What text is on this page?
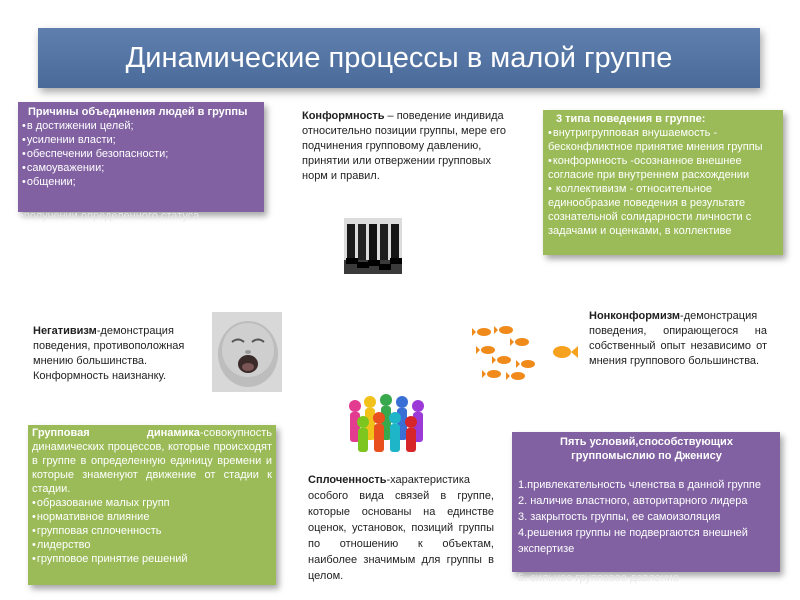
Динамические процессы в малой группе
Причины объединения людей в группы
• в достижении целей;
• усилении власти;
• обеспечении безопасности;
• самоуважении;
• общении;
•получении определенного статуса
Конформность – поведение индивида относительно позиции группы, мере его подчинения групповому давлению, принятии или отвержении групповых норм и правил.
3 типа поведения в группе:
• внутригрупповая внушаемость - бесконфликтное принятие мнения группы
• конформность -осознанное внешнее согласие при внутреннем расхождении
• коллективизм - относительное единообразие поведения в результате сознательной солидарности личности с задачами и оценками, в коллективе
Негативизм-демонстрация поведения, противоположная мнению большинства. Конформность наизнанку.
Нонконформизм-демонстрация поведения, опирающегося на собственный опыт независимо от мнения группового большинства.
Групповая динамика-совокупность динамических процессов, которые происходят в группе в определенную единицу времени и которые знаменуют движение от стадии к стадии.
• образование малых групп
• нормативное влияние
• групповая сплоченность
• лидерство
• групповое принятие решений
Сплоченность-характеристика особого вида связей в группе, которые основаны на единстве оценок, установок, позиций группы по отношению к объектам, наиболее значимым для группы в целом.
Пять условий,способствующих группомыслию по Дженису
1.привлекательность членства в данной группе
2. наличие властного, авторитарного лидера
3. закрытость группы, ее самоизоляция
4.решения группы не подвергаются внешней экспертизе
5. сильное групповое давление
